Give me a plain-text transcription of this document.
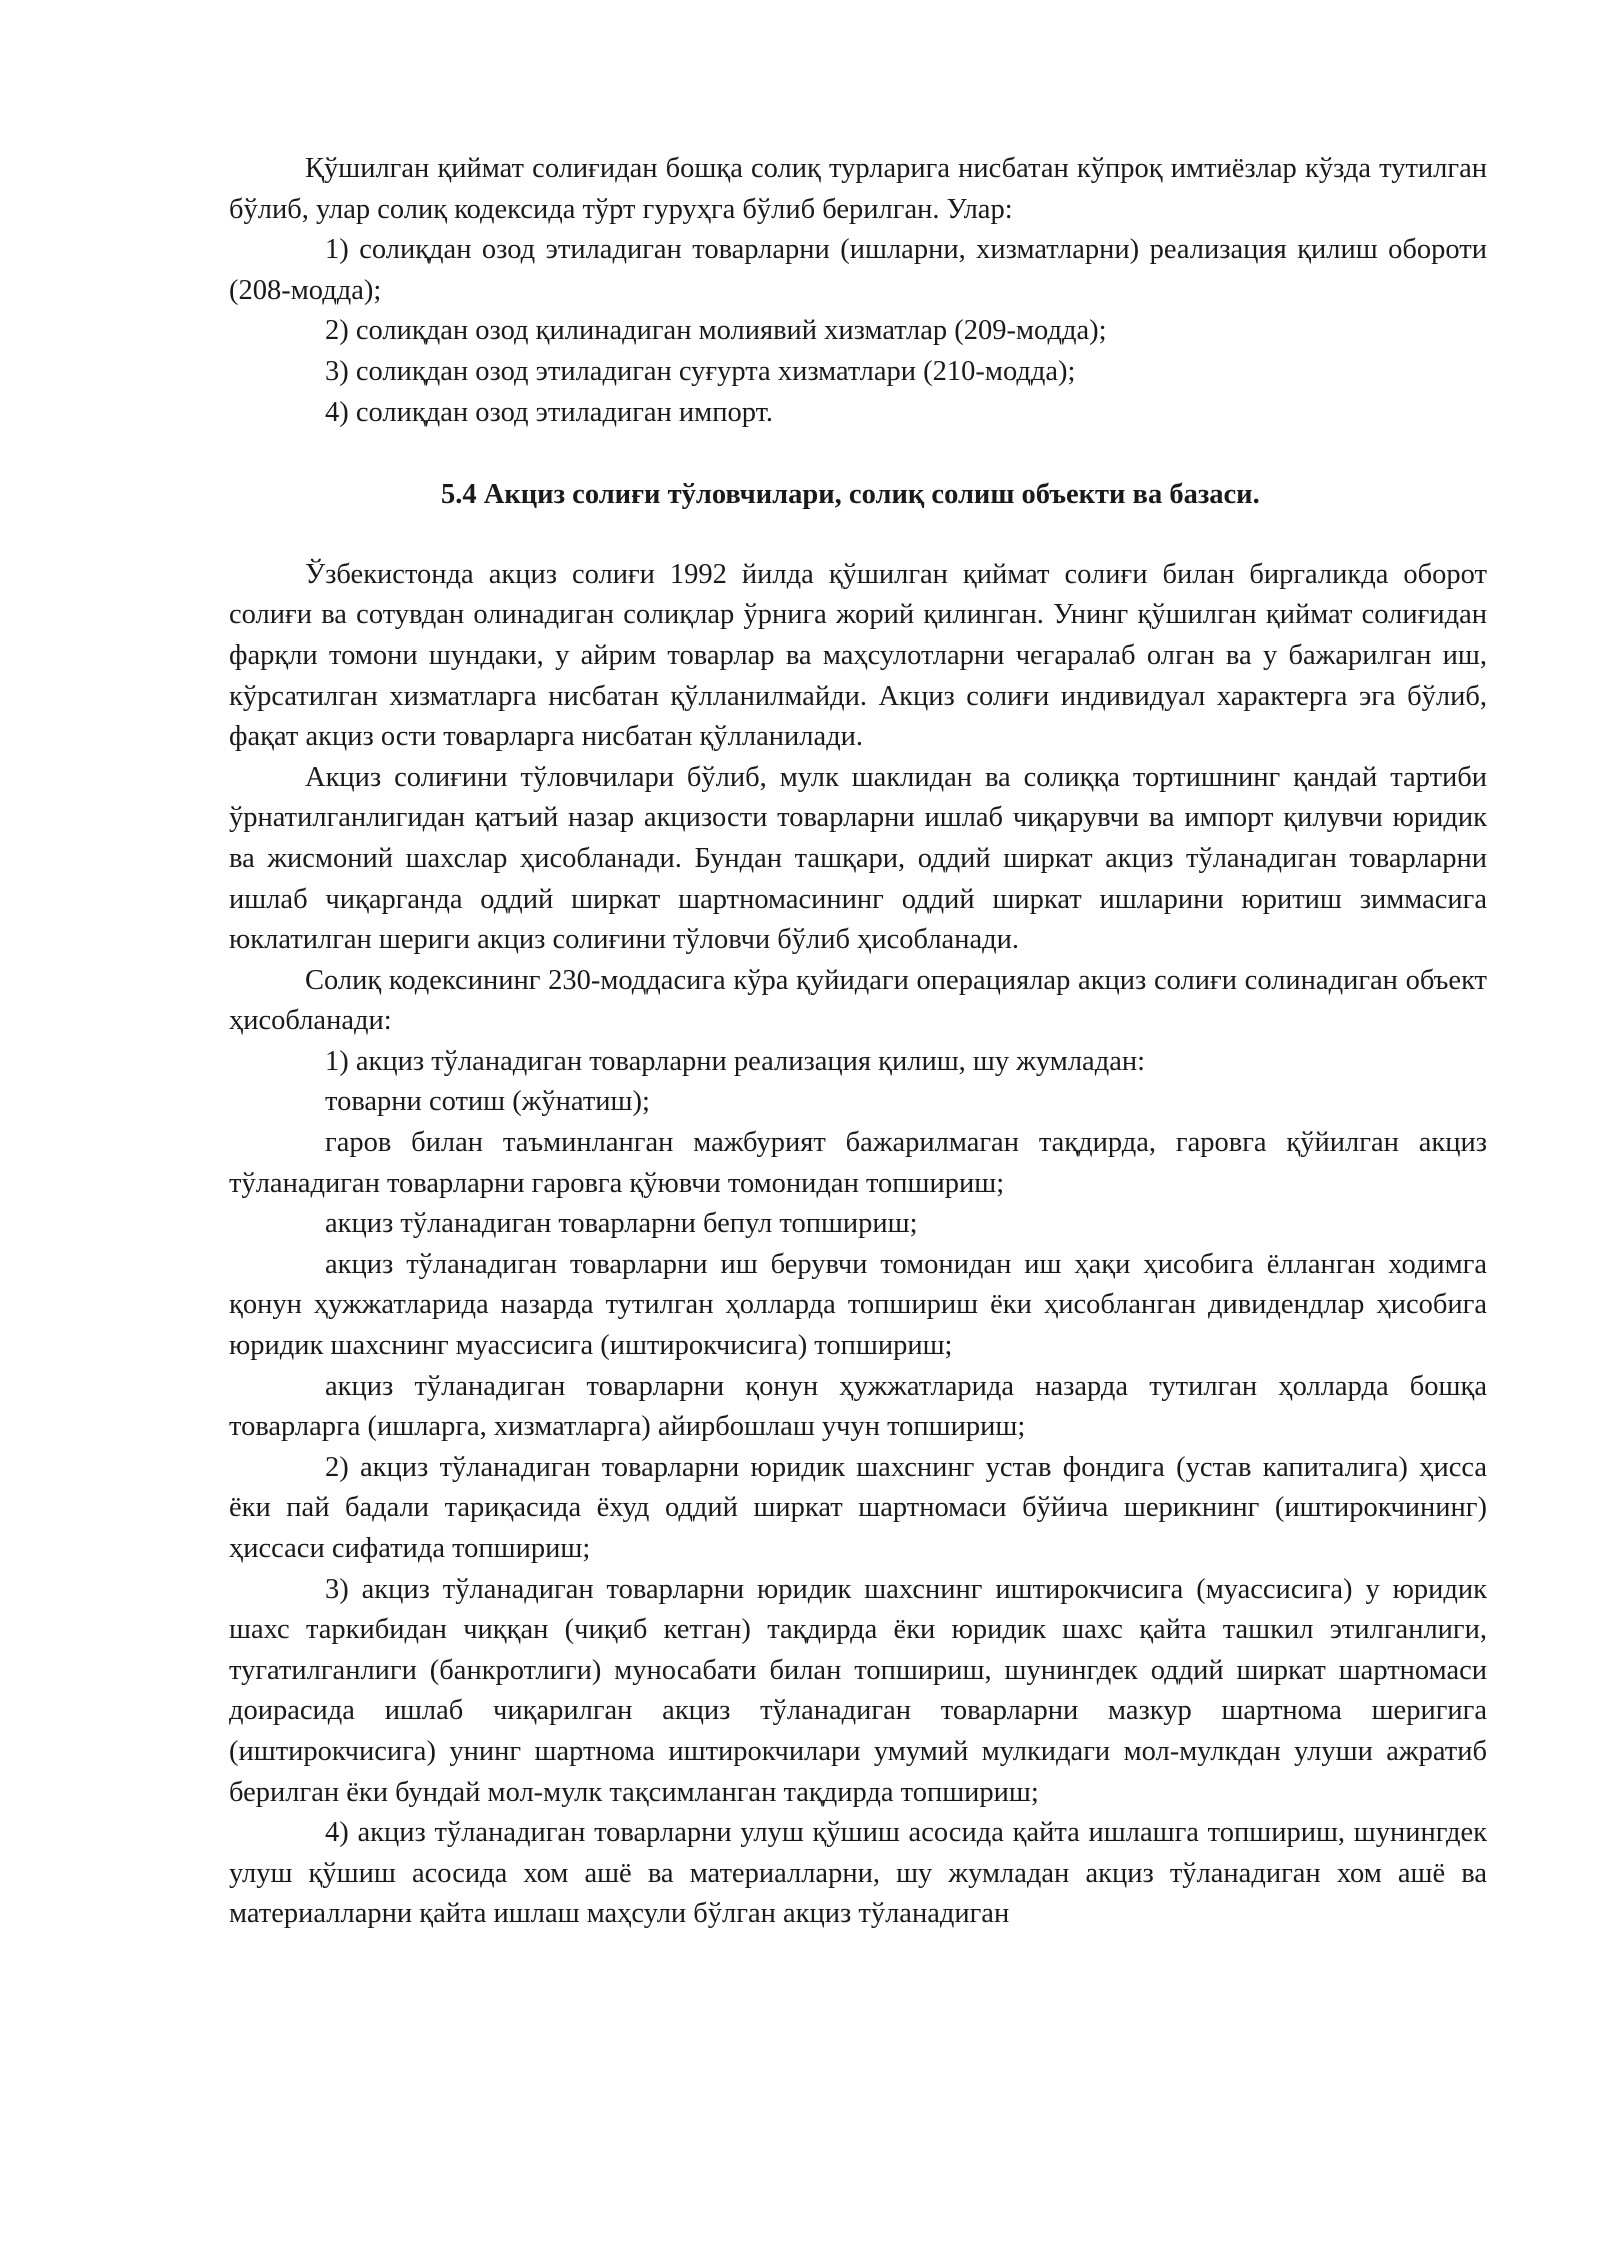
Қўшилган қиймат солиғидан бошқа солиқ турларига нисбатан кўпроқ имтиёзлар кўзда тутилган бўлиб, улар солиқ кодексида тўрт гуруҳга бўлиб берилган. Улар:

1) солиқдан озод этиладиган товарларни (ишларни, хизматларни) реализация қилиш обороти (208-модда);

2) солиқдан озод қилинадиган молиявий хизматлар (209-модда);

3) солиқдан озод этиладиган суғурта хизматлари (210-модда);

4) солиқдан озод этиладиган импорт.

5.4 Акциз солиғи тўловчилари, солиқ солиш объекти ва базаси.

Ўзбекистонда акциз солиғи 1992 йилда қўшилган қиймат солиғи билан биргаликда оборот солиғи ва сотувдан олинадиган солиқлар ўрнига жорий қилинган. Унинг қўшилган қиймат солиғидан фарқли томони шундаки, у айрим товарлар ва маҳсулотларни чегаралаб олган ва у бажарилган иш, кўрсатилган хизматларга нисбатан қўлланилмайди. Акциз солиғи индивидуал характерга эга бўлиб, фақат акциз ости товарларга нисбатан қўлланилади.

Акциз солиғини тўловчилари бўлиб, мулк шаклидан ва солиққа тортишнинг қандай тартиби ўрнатилганлигидан қатъий назар акцизости товарларни ишлаб чиқарувчи ва импорт қилувчи юридик ва жисмоний шахслар ҳисобланади. Бундан ташқари, оддий ширкат акциз тўланадиган товарларни ишлаб чиқарганда оддий ширкат шартномасининг оддий ширкат ишларини юритиш зиммасига юклатилган шериги акциз солиғини тўловчи бўлиб ҳисобланади.

Солиқ кодексининг 230-моддасига кўра қуйидаги операциялар акциз солиғи солинадиган объект ҳисобланади:

1) акциз тўланадиган товарларни реализация қилиш, шу жумладан:

товарни сотиш (жўнатиш);

гаров билан таъминланган мажбурият бажарилмаган тақдирда, гаровга қўйилган акциз тўланадиган товарларни гаровга қўювчи томонидан топшириш;

акциз тўланадиган товарларни бепул топшириш;

акциз тўланадиган товарларни иш берувчи томонидан иш ҳақи ҳисобига ёлланган ходимга қонун ҳужжатларида назарда тутилган ҳолларда топшириш ёки ҳисобланган дивидендлар ҳисобига юридик шахснинг муассисига (иштирокчисига) топшириш;

акциз тўланадиган товарларни қонун ҳужжатларида назарда тутилган ҳолларда бошқа товарларга (ишларга, хизматларга) айирбошлаш учун топшириш;

2) акциз тўланадиган товарларни юридик шахснинг устав фондига (устав капиталига) ҳисса ёки пай бадали тариқасида ёхуд оддий ширкат шартномаси бўйича шерикнинг (иштирокчининг) ҳиссаси сифатида топшириш;

3) акциз тўланадиган товарларни юридик шахснинг иштирокчисига (муассисига) у юридик шахс таркибидан чиққан (чиқиб кетган) тақдирда ёки юридик шахс қайта ташкил этилганлиги, тугатилганлиги (банкротлиги) муносабати билан топшириш, шунингдек оддий ширкат шартномаси доирасида ишлаб чиқарилган акциз тўланадиган товарларни мазкур шартнома шеригига (иштирокчисига) унинг шартнома иштирокчилари умумий мулкидаги мол-мулкдан улуши ажратиб берилган ёки бундай мол-мулк тақсимланган тақдирда топшириш;

4) акциз тўланадиган товарларни улуш қўшиш асосида қайта ишлашга топшириш, шунингдек улуш қўшиш асосида хом ашё ва материалларни, шу жумладан акциз тўланадиган хом ашё ва материалларни қайта ишлаш маҳсули бўлган акциз тўланадиган
